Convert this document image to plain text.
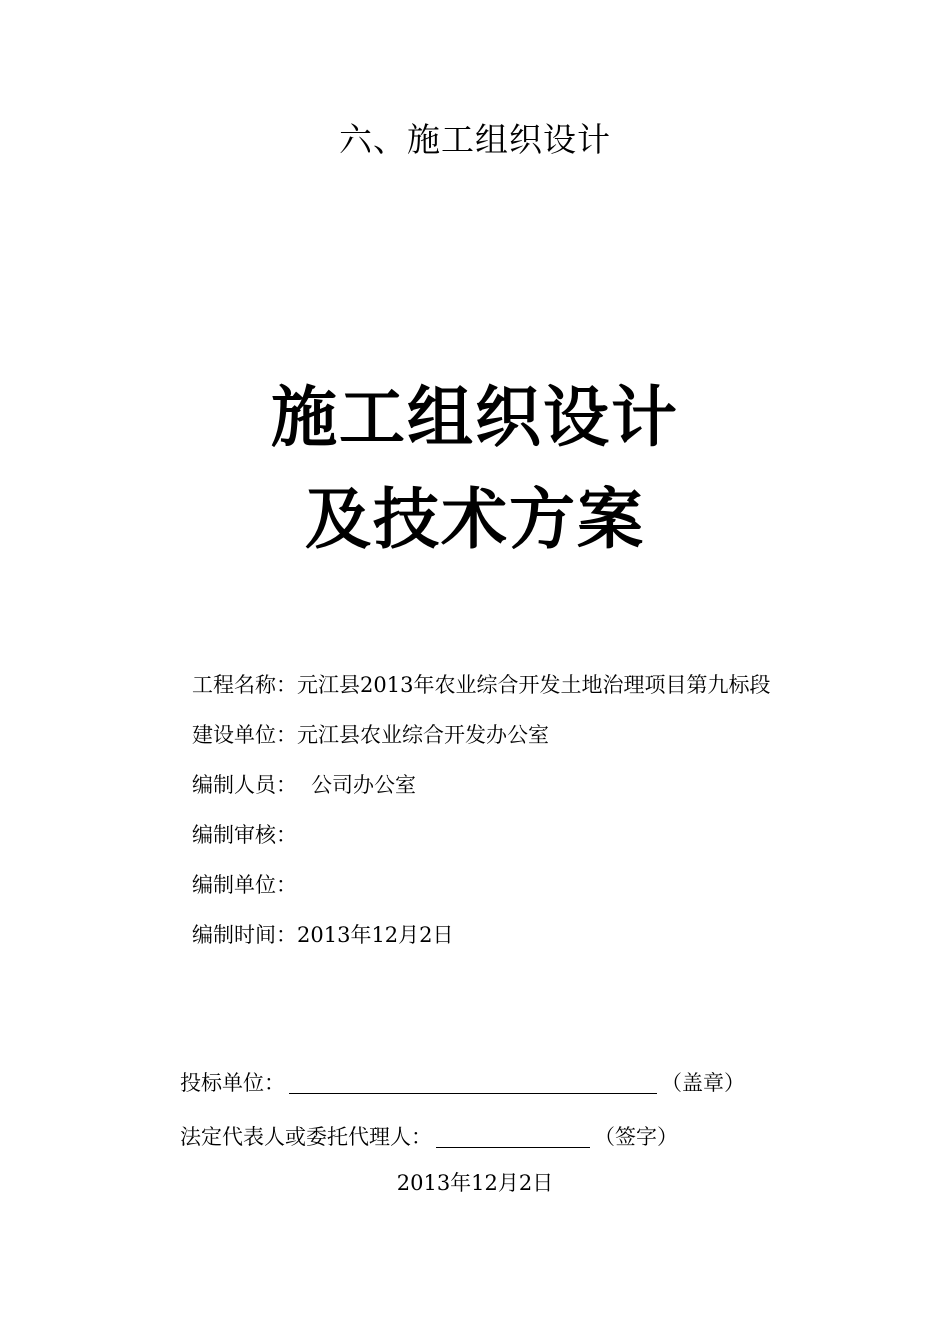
六、施工组织设计
施工组织设计
及技术方案
工程名称：元江县2013年农业综合开发土地治理项目第九标段
建设单位：元江县农业综合开发办公室
编制人员： 公司办公室
编制审核：
编制单位：
编制时间：2013年12月2日
投标单位：	（盖章）
法定代表人或委托代理人：	（签字）
2013年12月2日
